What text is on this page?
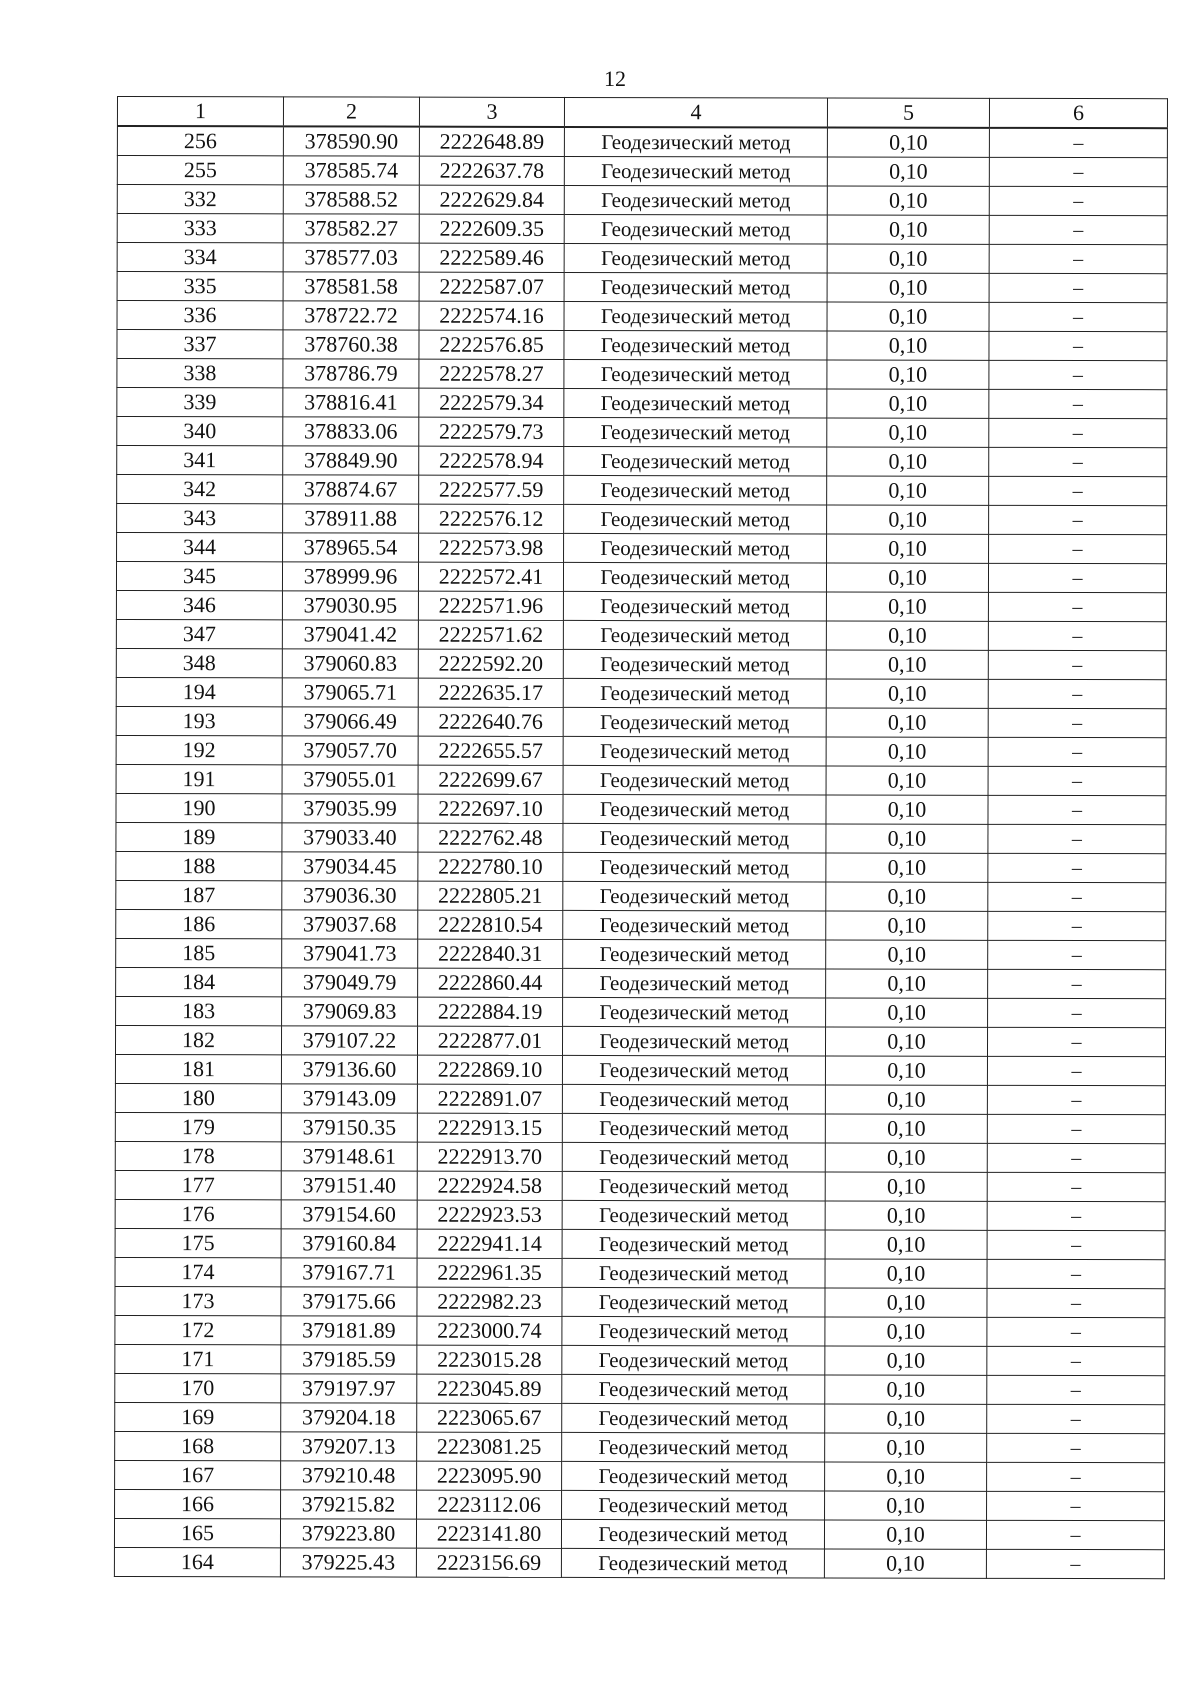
12
1	2	3	4	5	6
256	378590.90	2222648.89	Геодезический метод	0,10	–
255	378585.74	2222637.78	Геодезический метод	0,10	–
332	378588.52	2222629.84	Геодезический метод	0,10	–
333	378582.27	2222609.35	Геодезический метод	0,10	–
334	378577.03	2222589.46	Геодезический метод	0,10	–
335	378581.58	2222587.07	Геодезический метод	0,10	–
336	378722.72	2222574.16	Геодезический метод	0,10	–
337	378760.38	2222576.85	Геодезический метод	0,10	–
338	378786.79	2222578.27	Геодезический метод	0,10	–
339	378816.41	2222579.34	Геодезический метод	0,10	–
340	378833.06	2222579.73	Геодезический метод	0,10	–
341	378849.90	2222578.94	Геодезический метод	0,10	–
342	378874.67	2222577.59	Геодезический метод	0,10	–
343	378911.88	2222576.12	Геодезический метод	0,10	–
344	378965.54	2222573.98	Геодезический метод	0,10	–
345	378999.96	2222572.41	Геодезический метод	0,10	–
346	379030.95	2222571.96	Геодезический метод	0,10	–
347	379041.42	2222571.62	Геодезический метод	0,10	–
348	379060.83	2222592.20	Геодезический метод	0,10	–
194	379065.71	2222635.17	Геодезический метод	0,10	–
193	379066.49	2222640.76	Геодезический метод	0,10	–
192	379057.70	2222655.57	Геодезический метод	0,10	–
191	379055.01	2222699.67	Геодезический метод	0,10	–
190	379035.99	2222697.10	Геодезический метод	0,10	–
189	379033.40	2222762.48	Геодезический метод	0,10	–
188	379034.45	2222780.10	Геодезический метод	0,10	–
187	379036.30	2222805.21	Геодезический метод	0,10	–
186	379037.68	2222810.54	Геодезический метод	0,10	–
185	379041.73	2222840.31	Геодезический метод	0,10	–
184	379049.79	2222860.44	Геодезический метод	0,10	–
183	379069.83	2222884.19	Геодезический метод	0,10	–
182	379107.22	2222877.01	Геодезический метод	0,10	–
181	379136.60	2222869.10	Геодезический метод	0,10	–
180	379143.09	2222891.07	Геодезический метод	0,10	–
179	379150.35	2222913.15	Геодезический метод	0,10	–
178	379148.61	2222913.70	Геодезический метод	0,10	–
177	379151.40	2222924.58	Геодезический метод	0,10	–
176	379154.60	2222923.53	Геодезический метод	0,10	–
175	379160.84	2222941.14	Геодезический метод	0,10	–
174	379167.71	2222961.35	Геодезический метод	0,10	–
173	379175.66	2222982.23	Геодезический метод	0,10	–
172	379181.89	2223000.74	Геодезический метод	0,10	–
171	379185.59	2223015.28	Геодезический метод	0,10	–
170	379197.97	2223045.89	Геодезический метод	0,10	–
169	379204.18	2223065.67	Геодезический метод	0,10	–
168	379207.13	2223081.25	Геодезический метод	0,10	–
167	379210.48	2223095.90	Геодезический метод	0,10	–
166	379215.82	2223112.06	Геодезический метод	0,10	–
165	379223.80	2223141.80	Геодезический метод	0,10	–
164	379225.43	2223156.69	Геодезический метод	0,10	–
